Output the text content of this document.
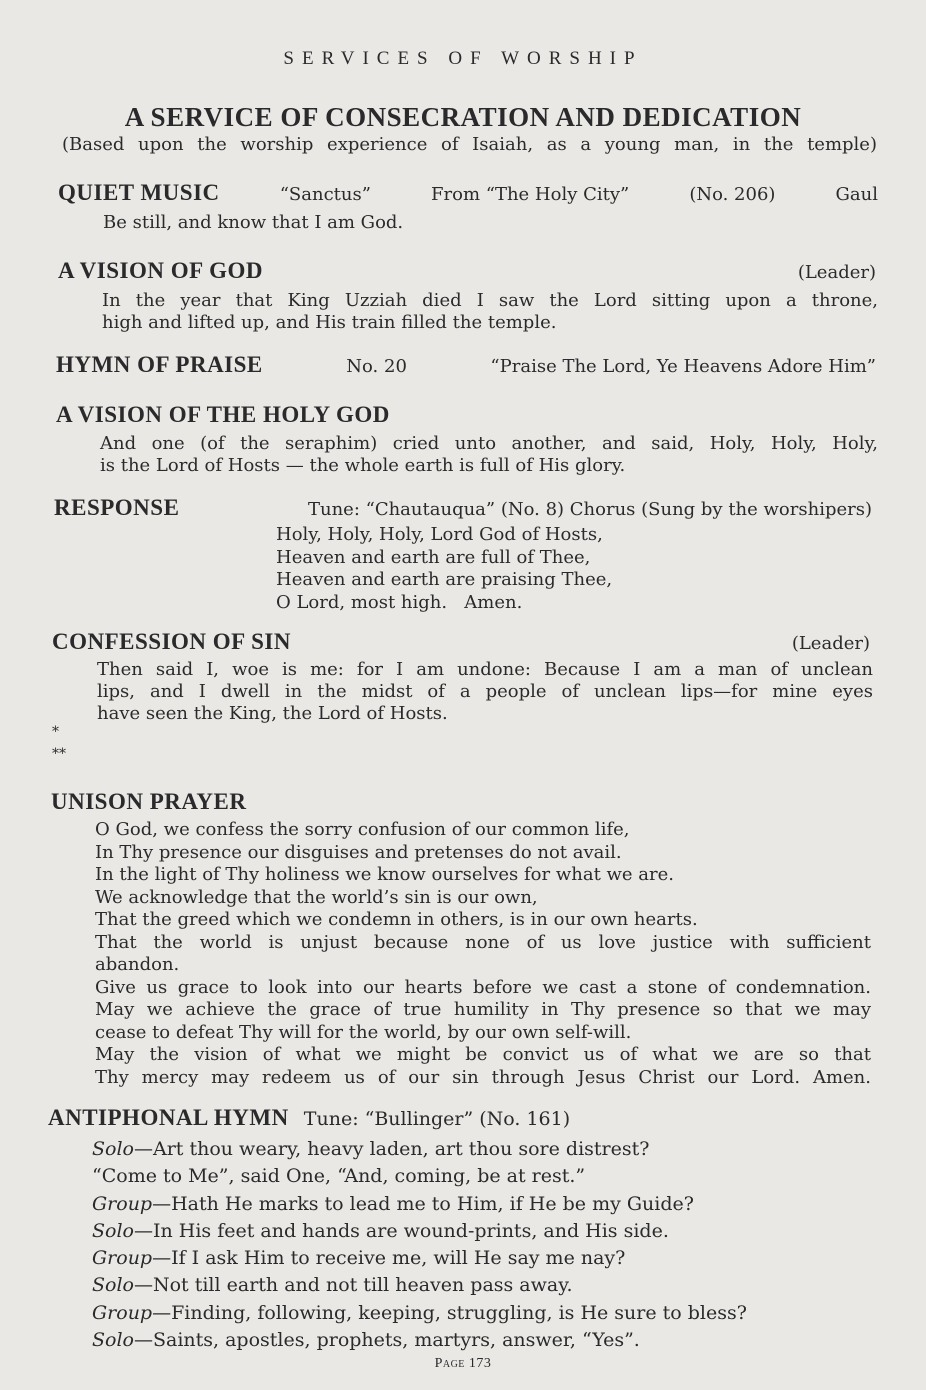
SERVICES OF WORSHIP
A SERVICE OF CONSECRATION AND DEDICATION
(Based upon the worship experience of Isaiah, as a young man, in the temple)
QUIET MUSIC	“Sanctus”	From “The Holy City”	(No. 206)	Gaul
Be still, and know that I am God.
A VISION OF GOD	(Leader)
In the year that King Uzziah died I saw the Lord sitting upon a throne,
high and lifted up, and His train filled the temple.
HYMN OF PRAISE	No. 20	“Praise The Lord, Ye Heavens Adore Him”
A VISION OF THE HOLY GOD
And one (of the seraphim) cried unto another, and said, Holy, Holy, Holy,
is the Lord of Hosts — the whole earth is full of His glory.
RESPONSE	Tune: “Chautauqua” (No. 8) Chorus (Sung by the worshipers)
Holy, Holy, Holy, Lord God of Hosts,
Heaven and earth are full of Thee,
Heaven and earth are praising Thee,
O Lord, most high.   Amen.
CONFESSION OF SIN	(Leader)
Then said I, woe is me: for I am undone: Because I am a man of unclean
lips, and I dwell in the midst of a people of unclean lips—for mine eyes
have seen the King, the Lord of Hosts.
*
**
UNISON PRAYER

O God, we confess the sorry confusion of our common life,

In Thy presence our disguises and pretenses do not avail.

In the light of Thy holiness we know ourselves for what we are.

We acknowledge that the world’s sin is our own,

That the greed which we condemn in others, is in our own hearts.

That the world is unjust because none of us love justice with sufficient

abandon.

Give us grace to look into our hearts before we cast a stone of condemnation.

May we achieve the grace of true humility in Thy presence so that we may

cease to defeat Thy will for the world, by our own self-will.

May the vision of what we might be convict us of what we are so that

Thy mercy may redeem us of our sin through Jesus Christ our Lord. Amen.

ANTIPHONAL HYMN Tune: “Bullinger” (No. 161)

Solo—Art thou weary, heavy laden, art thou sore distrest?

“Come to Me”, said One, “And, coming, be at rest.”

Group—Hath He marks to lead me to Him, if He be my Guide?

Solo—In His feet and hands are wound-prints, and His side.

Group—If I ask Him to receive me, will He say me nay?

Solo—Not till earth and not till heaven pass away.

Group—Finding, following, keeping, struggling, is He sure to bless?

Solo—Saints, apostles, prophets, martyrs, answer, “Yes”.

Page 173
